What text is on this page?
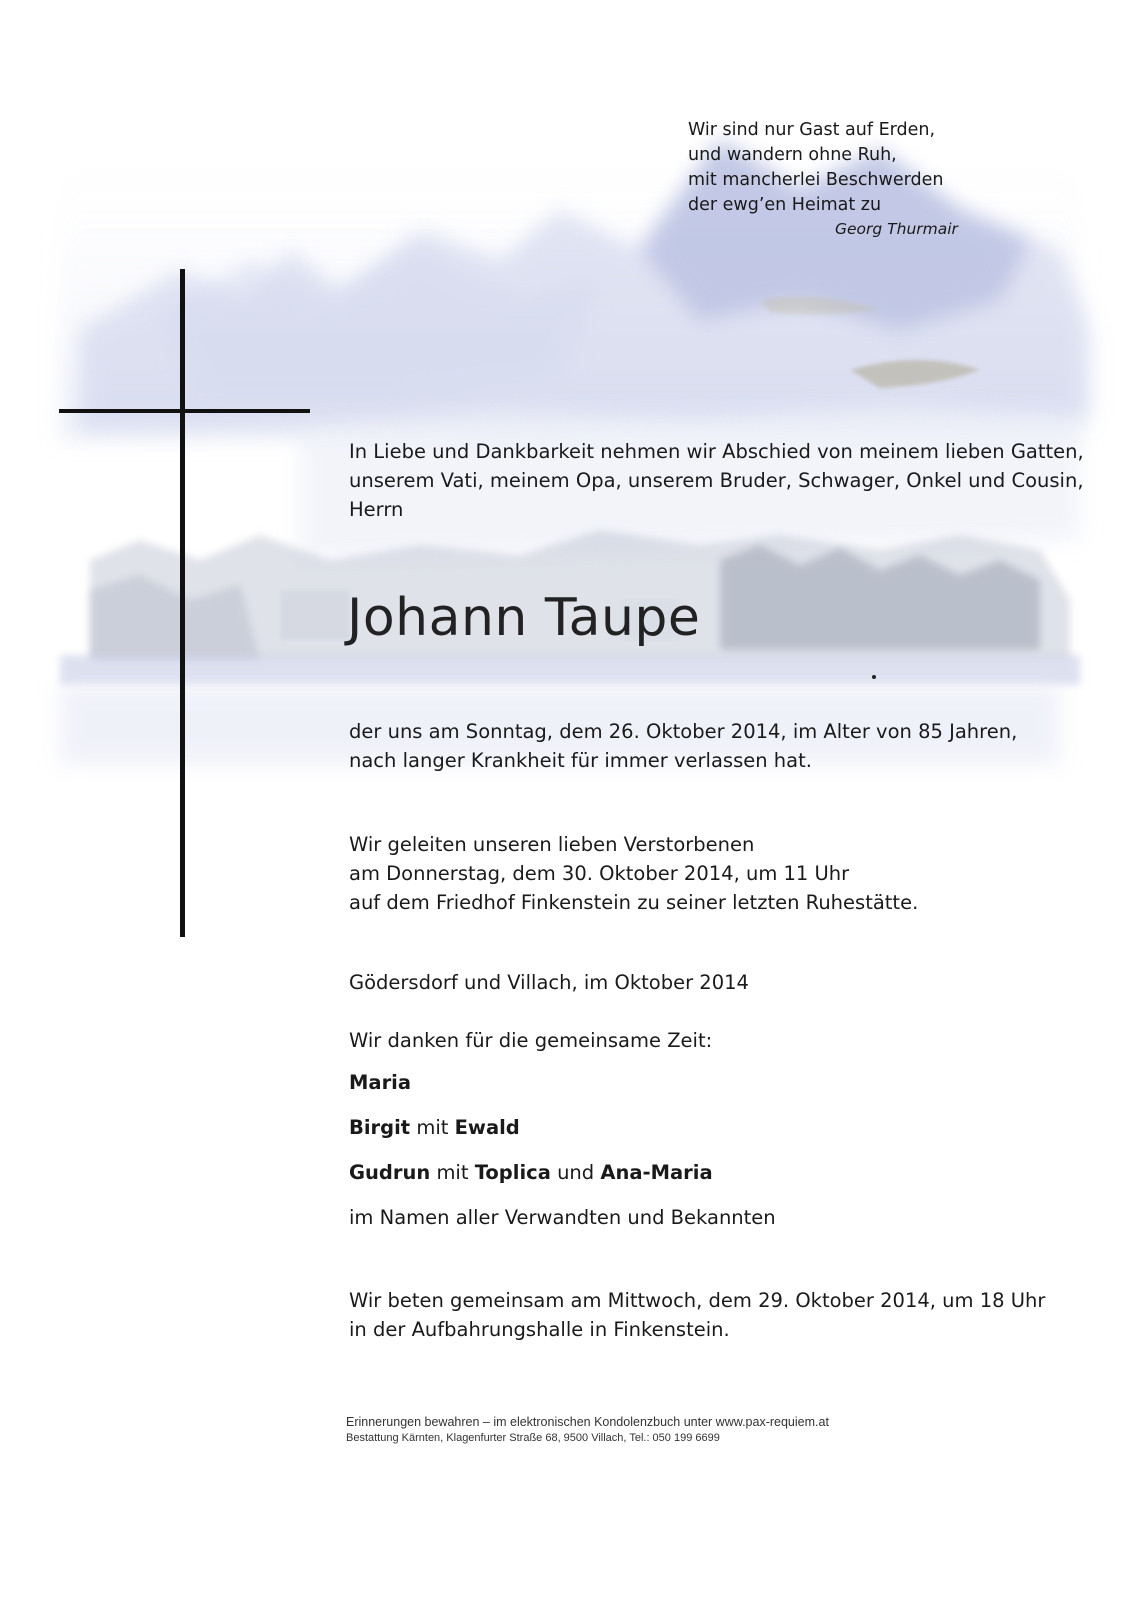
Wir sind nur Gast auf Erden,
und wandern ohne Ruh,
mit mancherlei Beschwerden
der ewg’en Heimat zu
Georg Thurmair
In Liebe und Dankbarkeit nehmen wir Abschied von meinem lieben Gatten,
unserem Vati, meinem Opa, unserem Bruder, Schwager, Onkel und Cousin,
Herrn
Johann Taupe
der uns am Sonntag, dem 26. Oktober 2014, im Alter von 85 Jahren,
nach langer Krankheit für immer verlassen hat.
Wir geleiten unseren lieben Verstorbenen
am Donnerstag, dem 30. Oktober 2014, um 11 Uhr
auf dem Friedhof Finkenstein zu seiner letzten Ruhestätte.
Gödersdorf und Villach, im Oktober 2014
Wir danken für die gemeinsame Zeit:
Maria
Birgit mit Ewald
Gudrun mit Toplica und Ana-Maria
im Namen aller Verwandten und Bekannten
Wir beten gemeinsam am Mittwoch, dem 29. Oktober 2014, um 18 Uhr
in der Aufbahrungshalle in Finkenstein.
Erinnerungen bewahren – im elektronischen Kondolenzbuch unter www.pax-requiem.at
Bestattung Kärnten, Klagenfurter Straße 68, 9500 Villach, Tel.: 050 199 6699
